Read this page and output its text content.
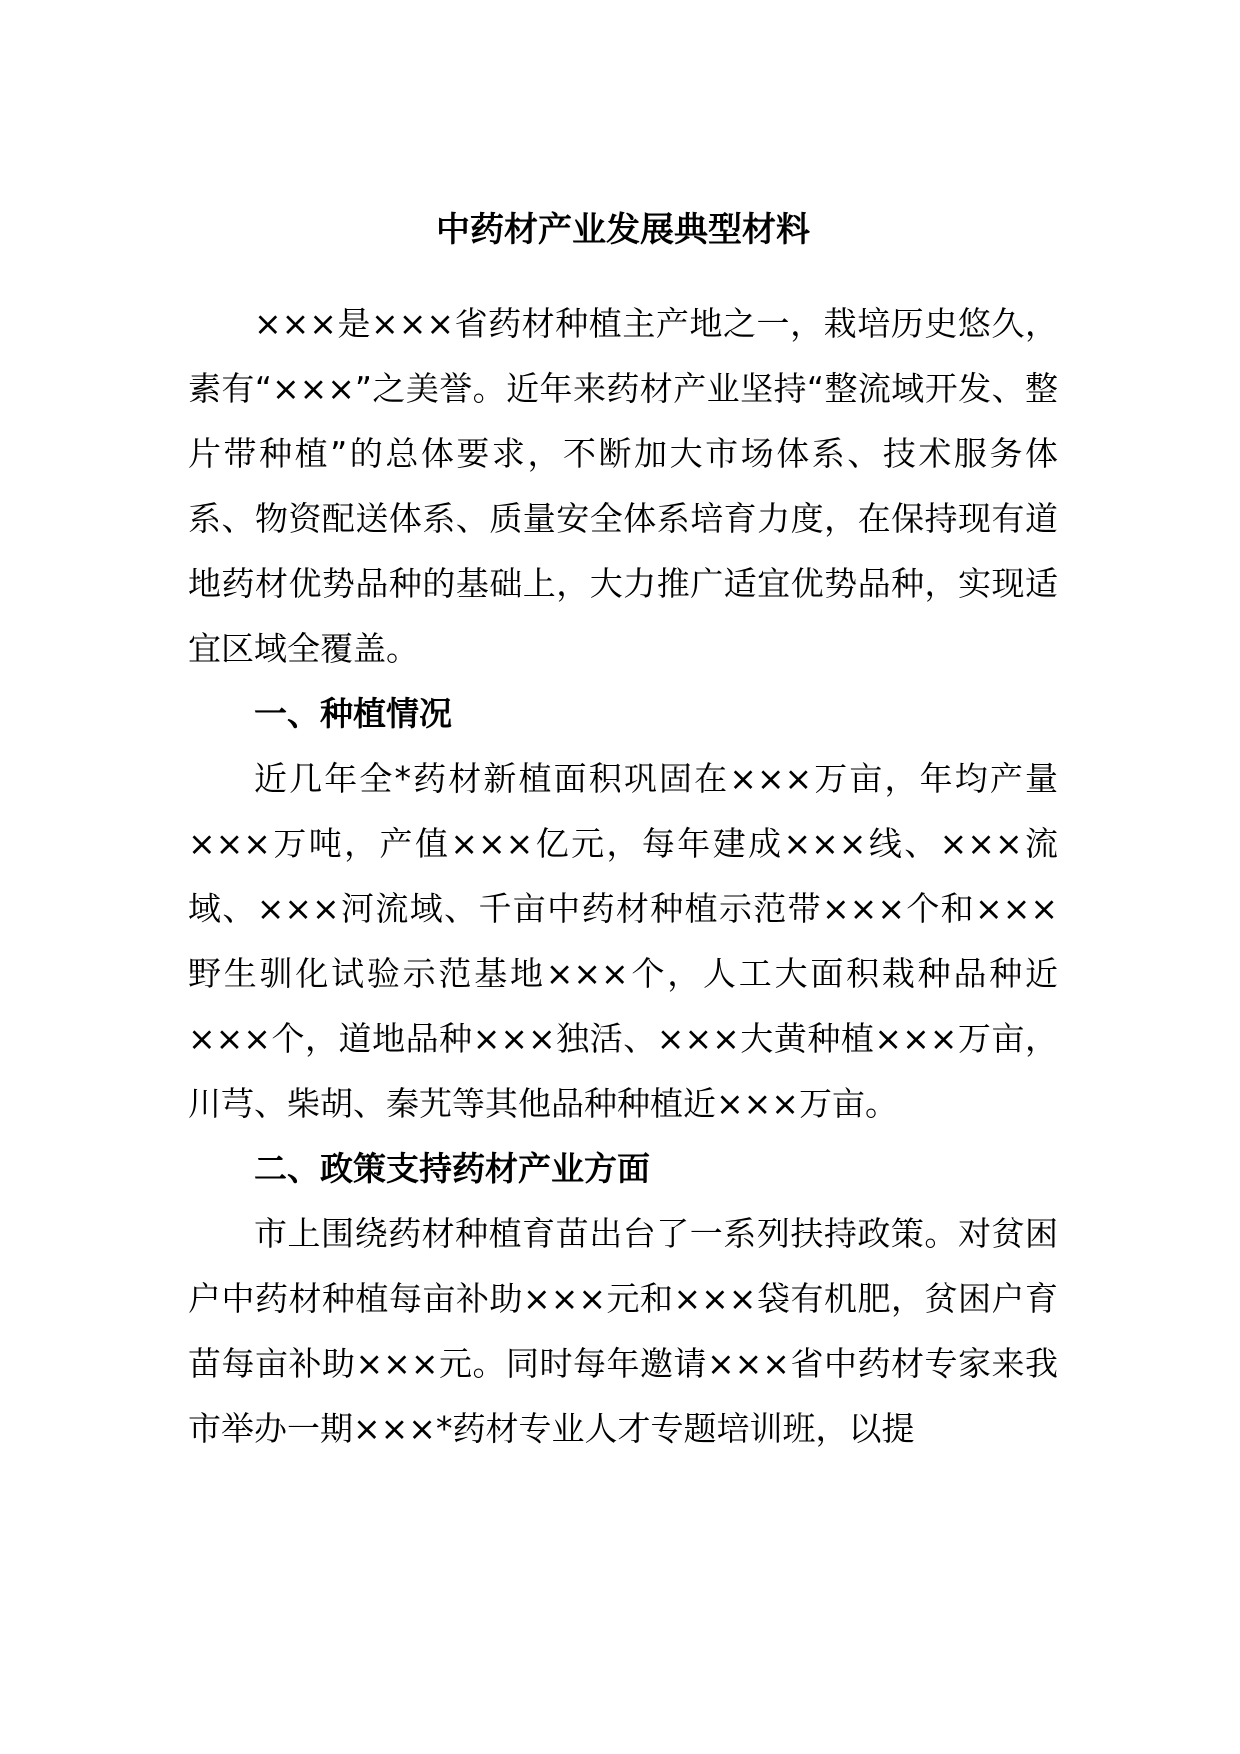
中药材产业发展典型材料

×××是×××省药材种植主产地之一，栽培历史悠久，素有“×××”之美誉。近年来药材产业坚持“整流域开发、整片带种植”的总体要求，不断加大市场体系、技术服务体系、物资配送体系、质量安全体系培育力度，在保持现有道地药材优势品种的基础上，大力推广适宜优势品种，实现适宜区域全覆盖。

一、种植情况

近几年全*药材新植面积巩固在×××万亩，年均产量×××万吨，产值×××亿元，每年建成×××线、×××流域、×××河流域、千亩中药材种植示范带×××个和×××野生驯化试验示范基地×××个，人工大面积栽种品种近×××个，道地品种×××独活、×××大黄种植×××万亩，川芎、柴胡、秦艽等其他品种种植近×××万亩。

二、政策支持药材产业方面

市上围绕药材种植育苗出台了一系列扶持政策。对贫困户中药材种植每亩补助×××元和×××袋有机肥，贫困户育苗每亩补助×××元。同时每年邀请×××省中药材专家来我市举办一期×××*药材专业人才专题培训班，以提
